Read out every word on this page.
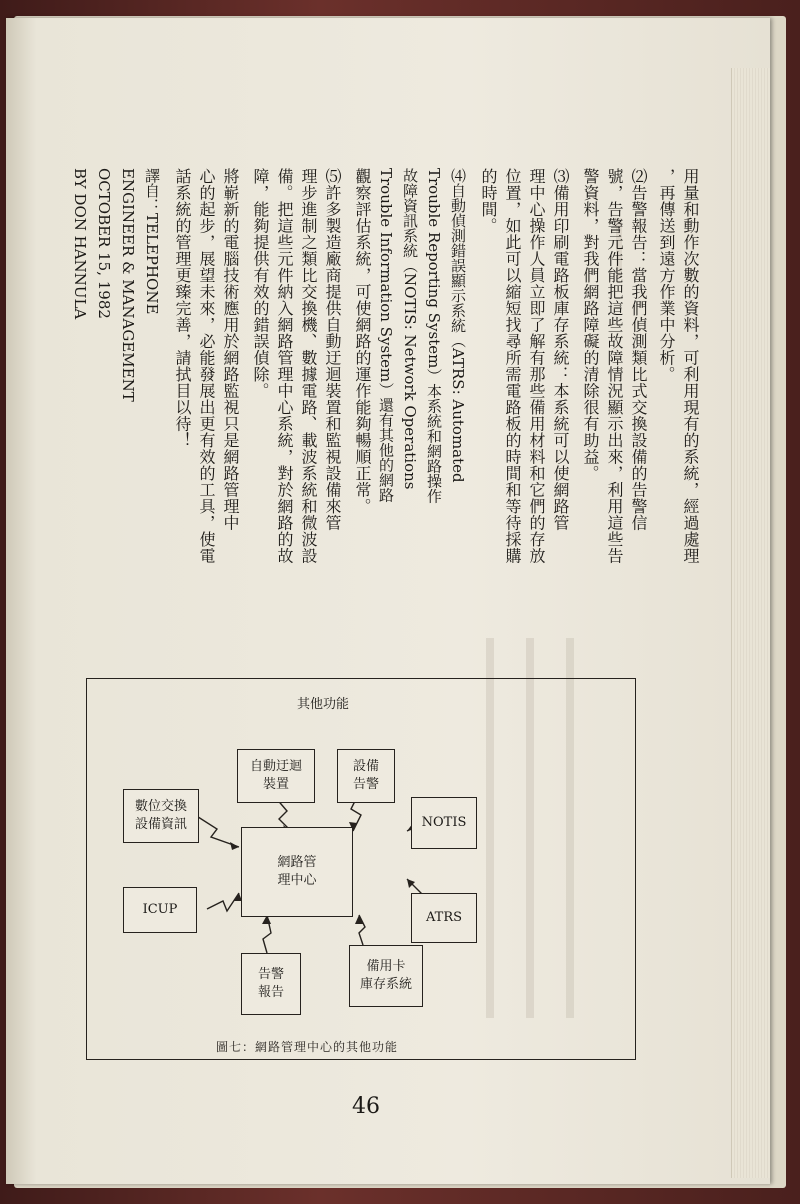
用量和動作次數的資料，可利用現有的系統，經過處理
，再傳送到遠方作業中分析。
⑵告警報告：當我們偵測類比式交換設備的告警信
號，告警元件能把這些故障情況顯示出來，利用這些告
警資料，對我們網路障礙的清除很有助益。
⑶備用印刷電路板庫存系統：本系統可以使網路管
理中心操作人員立即了解有那些備用材料和它們的存放
位置，如此可以縮短找尋所需電路板的時間和等待採購
的時間。
⑷自動偵測錯誤顯示系統（ATRS: Automated
Trouble Reporting System）本系統和網路操作
故障資訊系統（NOTIS: Network Operations
Trouble Information System）還有其他的網路
觀察評估系統，可使網路的運作能夠暢順正常。
⑸許多製造廠商提供自動迂迴裝置和監視設備來管
理步進制之類比交換機、數據電路、載波系統和微波設
備。把這些元件納入網路管理中心系統，對於網路的故
障，能夠提供有效的錯誤偵除。
將嶄新的電腦技術應用於網路監視只是網路管理中
心的起步，展望未來，必能發展出更有效的工具，使電
話系統的管理更臻完善，請拭目以待！
譯自：TELEPHONE
ENGINEER & MANAGEMENT
OCTOBER 15, 1982
BY DON HANNULA
其他功能
自動迂迴
裝置
設備
告警
數位交換
設備資訊	NOTIS
網路管
理中心
ICUP
ATRS
告警
報告
備用卡
庫存系統
圖七：網路管理中心的其他功能
46
